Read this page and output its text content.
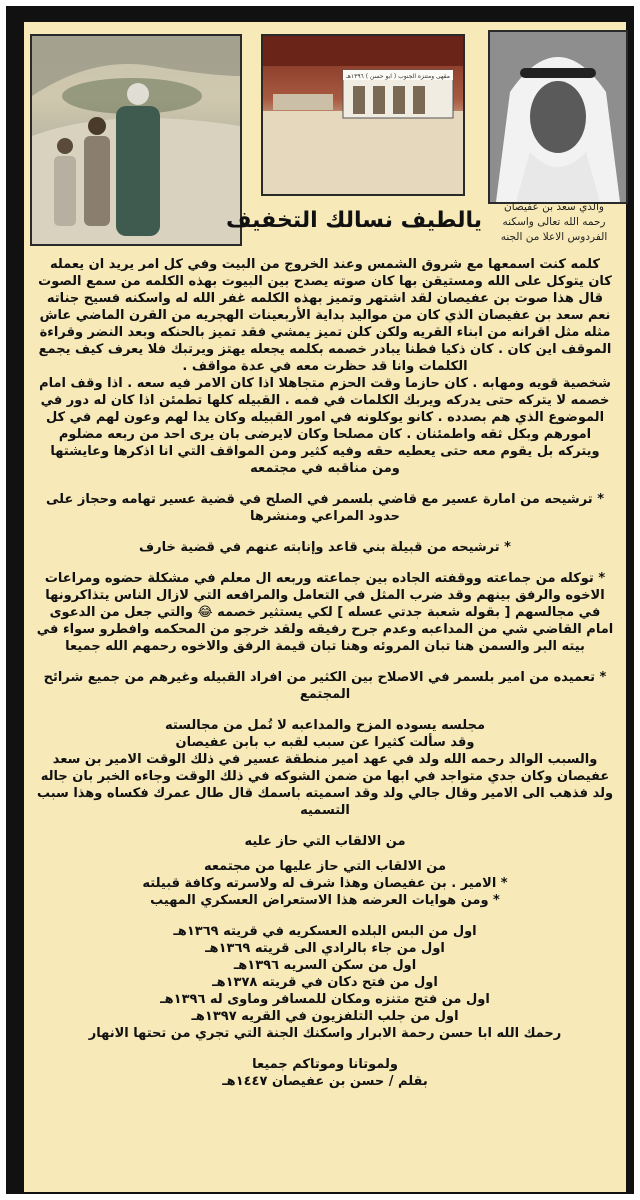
مقهى ومتنزه الجنوب ( ابو حسن ) ١٣٩٦هـ
والدي سعد بن عفيصان
رحمه الله تعالى واسكنه
الفردوس الاعلا من الجنه
يالطيف نسالك التخفيف

كلمه كنت اسمعها مع شروق الشمس وعند الخروج من البيت وفي كل امر يريد ان يعمله

كان يتوكل على الله ومستيقن بها كان صوته يصدح بين البيوت بهذه الكلمه من سمع الصوت قال هذا صوت بن عفيصان لقد اشتهر وتميز بهذه الكلمه غفر الله له واسكنه فسيح جناته نعم سعد بن عفيصان الذي كان من مواليد بداية الأربعينات الهجريه من القرن الماضي عاش مثله مثل اقرانه من ابناء القريه ولكن كلن تميز يمشي فقد تميز بالحنكه وبعد النضر وقراءة الموقف اين كان . كان ذكيا فطنا يبادر خصمه بكلمه يجعله يهتز ويرتبك فلا يعرف كيف يجمع الكلمات وانا قد حظرت معه في عدة مواقف .

شخصية قويه ومهابه . كان حازما وقت الحزم متجاهلا اذا كان الامر فيه سعه . اذا وقف امام خصمه لا يتركه حتى يدركه ويربك الكلمات في فمه . القبيله كلها تطمئن اذا كان له دور في الموضوع الذي هم بصدده . كانو يوكلونه في امور القبيله وكان يدا لهم وعون لهم في كل امورهم وبكل ثقه واطمئنان . كان مصلحا وكان لايرضى بان يرى احد من ربعه مضلوم ويتركه بل يقوم معه حتى يعطيه حقه وفيه كثير ومن المواقف التي انا اذكرها وعايشتها ومن مناقبه في مجتمعه

* ترشيحه من امارة عسير مع قاضي بلسمر في الصلح في قضية عسير تهامه وحجاز على حدود المراعي ومنشرها

* ترشيحه من قبيلة بني قاعد وإنابته عنهم في قضية خارف

* توكله من جماعته ووقفته الجاده بين جماعته وربعه ال معلم في مشكلة حضوه ومراعات الاخوه والرفق بينهم وقد ضرب المثل في التعامل والمرافعه التي لازال الناس يتذاكرونها في مجالسهم [ بقوله شعبة جدتي عسله ] لكي يستثير خصمه 😂 والتي جعل من الدعوى امام القاضي شي من المداعبه وعدم جرح رفيقه ولقد خرجو من المحكمه وافطرو سواء في بيته البر والسمن هنا تبان المروئه وهنا تبان قيمة الرفق والاخوه رحمهم الله جميعا

* تعميده من امير بلسمر في الاصلاح بين الكثير من افراد القبيله وغيرهم من جميع شرائح المجتمع

مجلسه يسوده المزح والمداعبه لا تُمل من مجالسته

وقد سألت كثيرا عن سبب لقبه ب بابن عفيصان

والسبب الوالد رحمه الله ولد في عهد امير منطقة عسير في ذلك الوقت الامير بن سعد عفيصان وكان جدي متواجد في ابها من ضمن الشوكه في ذلك الوقت وجاءه الخبر بان جاله ولد فذهب الى الامير وقال جالي ولد وقد اسميته باسمك قال طال عمرك فكساه وهذا سبب التسميه

من الالقاب التي حاز عليه

من الالقاب التي حاز عليها من مجتمعه

* الامير . بن عفيصان وهذا شرف له ولاسرته وكافة قبيلته

* ومن هوايات العرضه هذا الاستعراض العسكري المهيب

اول من البس البلده العسكريه في قريته ١٣٦٩هـ

اول من جاء بالرادي الى قريته ١٣٦٩هـ

اول من سكن السريه ١٣٩٦هـ

اول من فتح دكان في قريته ١٣٧٨هـ

اول من فتح متنزه ومكان للمسافر وماوى له ١٣٩٦هـ

اول من جلب التلفزيون في القريه ١٣٩٧هـ

رحمك الله ابا حسن رحمة الابرار واسكنك الجنة التي تجري من تحتها الانهار

ولموتانا وموتاكم جميعا

بقلم / حسن بن عفيصان ١٤٤٧هـ
